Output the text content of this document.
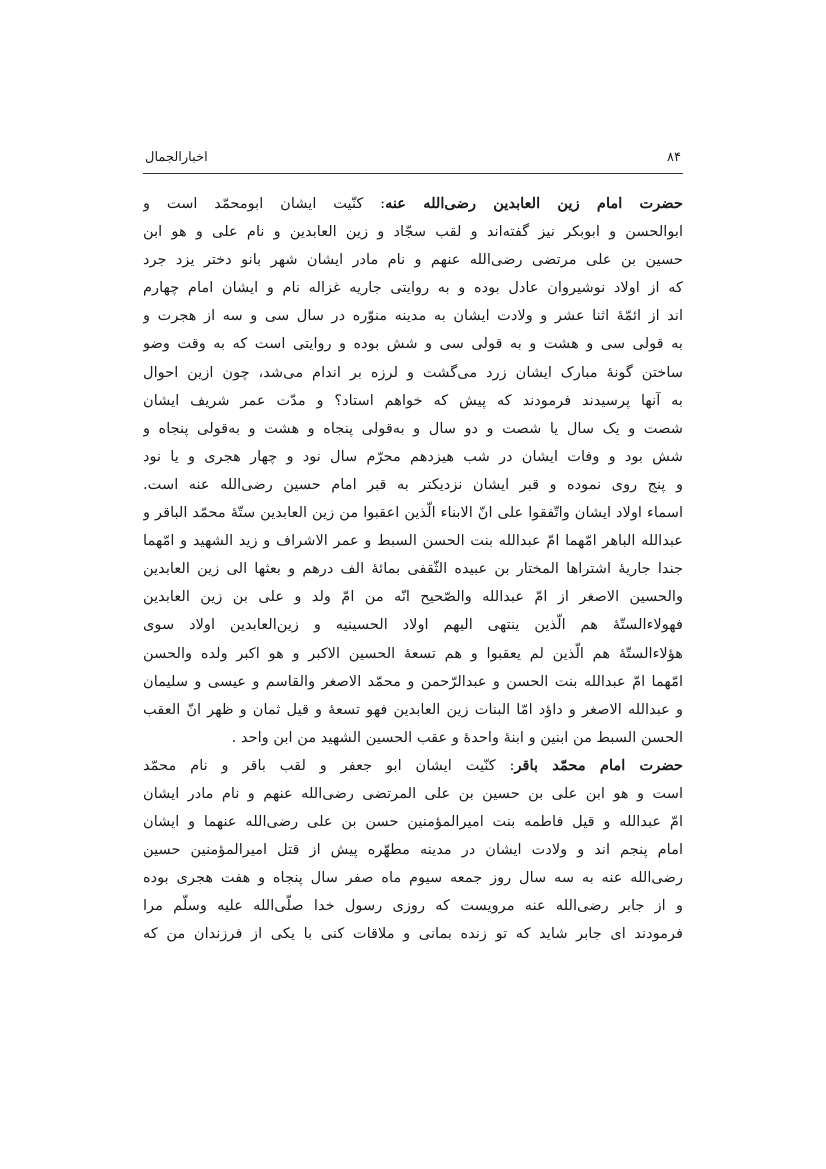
۸۴
اخبارالجمال
حضرت امام زین العابدین رضی‌الله عنه: کنّیت ایشان ابومحمّد است و
ابوالحسن و ابوبکر نیز گفته‌اند و لقب سجّاد و زین العابدین و نام علی و هو ابن
حسین بن علی مرتضی رضی‌الله عنهم و نام مادر ایشان شهر بانو دختر یزد جرد
که از اولاد نوشیروان عادل بوده و به روایتی جاریه غزاله نام و ایشان امام چهارم
اند از ائمّهٔ اثنا عشر و ولادت ایشان به مدینه منوّره در سال سی و سه از هجرت و
به قولی سی و هشت و به قولی سی و شش بوده و روایتی است که به وقت وضو
ساختن گونهٔ مبارک ایشان زرد می‌گشت و لرزه بر اندام می‌شد، چون ازین احوال
به آنها پرسیدند فرمودند که پیش که خواهم استاد؟ و مدّت عمر شریف ایشان
شصت و یک سال یا شصت و دو سال و به‌قولی پنجاه و هشت و به‌قولی پنجاه و
شش بود و وفات ایشان در شب هیزدهم محرّم سال نود و چهار هجری و یا نود
و پنج روی نموده و قبر ایشان نزدیکتر به قبر امام حسین رضی‌الله عنه است.
اسماء اولاد ایشان واتّفقوا علی انّ الابناء الّذین اعقبوا من زین العابدین ستّهٔ محمّد الباقر و
عبدالله الباهر امّهما امّ عبدالله بنت الحسن السبط و عمر الاشراف و زید الشهید و امّهما
جندا جاریهٔ اشتراها المختار بن عبیده الثّقفی بمائهٔ الف درهم و بعثها الی زین العابدین
والحسین الاصغر از امّ عبدالله والصّحیح انّه من امّ ولد و علی بن زین العابدین
فهولاءالستّهٔ هم الّذین ینتهی الیهم اولاد الحسینیه و زین‌العابدین اولاد سوی
هؤلاءالستّهٔ هم الّذین لم یعقبوا و هم تسعهٔ الحسین الاکبر و هو اکبر ولده والحسن
امّهما امّ عبدالله بنت الحسن و عبدالرّحمن و محمّد الاصغر والقاسم و عیسی و سلیمان
و عبدالله الاصغر و داؤد امّا البنات زین العابدین فهو تسعهٔ و قیل ثمان و ظهر انّ العقب
الحسن السبط من ابنین و ابنهٔ واحدهٔ و عقب الحسین الشهید من ابن واحد .
حضرت امام محمّد باقر: کنّیت ایشان ابو جعفر و لقب باقر و نام محمّد
است و هو ابن علی بن حسین بن علی المرتضی رضی‌الله عنهم و نام مادر ایشان
امّ عبدالله و قیل فاطمه بنت امیرالمؤمنین حسن بن علی رضی‌الله عنهما و ایشان
امام پنجم اند و ولادت ایشان در مدینه مطهّره پیش از قتل امیرالمؤمنین حسین
رضی‌الله عنه به سه سال روز جمعه سیوم ماه صفر سال پنجاه و هفت هجری بوده
و از جابر رضی‌الله عنه مرویست که روزی رسول خدا صلّی‌الله علیه وسلّم مرا
فرمودند ای جابر شاید که تو زنده بمانی و ملاقات کنی با یکی از فرزندان من که
